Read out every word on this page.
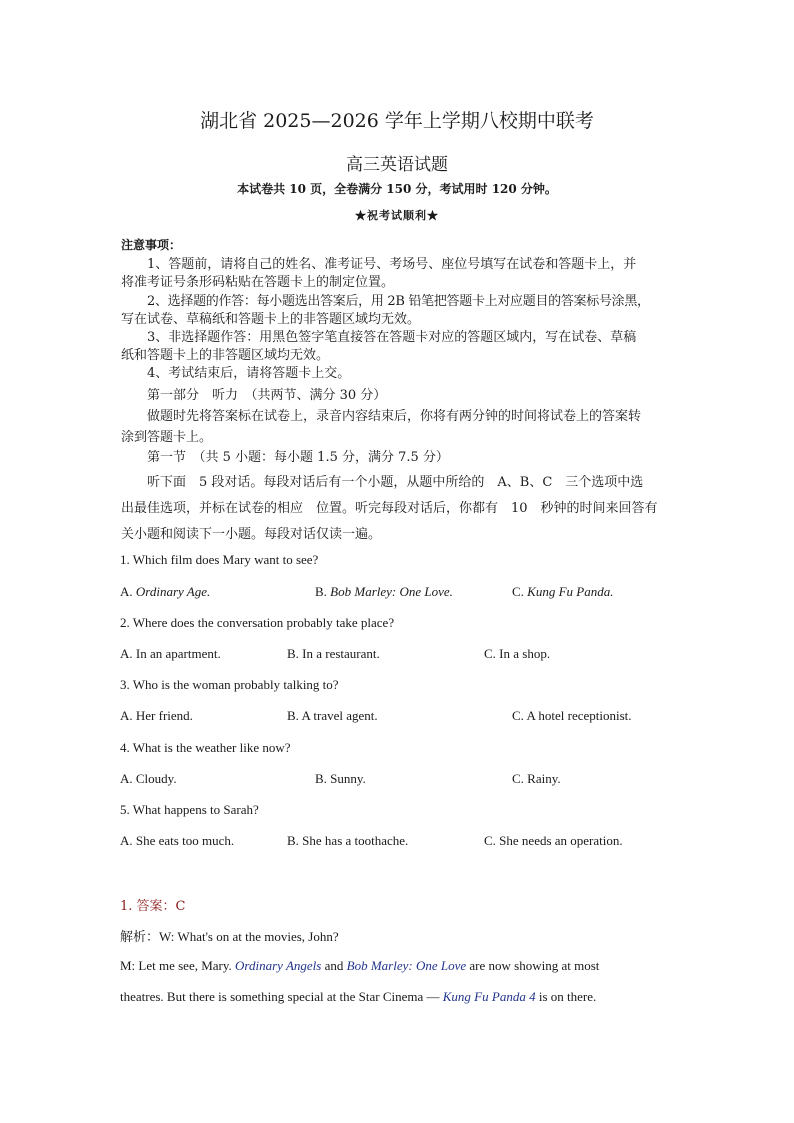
湖北省 2025—2026 学年上学期八校期中联考
高三英语试题
本试卷共 10 页，全卷满分 150 分，考试用时 120 分钟。
★祝考试顺利★
注意事项：
1、答题前，请将自己的姓名、准考证号、考场号、座位号填写在试卷和答题卡上，并
将准考证号条形码粘贴在答题卡上的制定位置。
2、选择题的作答：每小题选出答案后，用 2B 铅笔把答题卡上对应题目的答案标号涂黑，
写在试卷、草稿纸和答题卡上的非答题区域均无效。
3、非选择题作答：用黑色签字笔直接答在答题卡对应的答题区域内，写在试卷、草稿
纸和答题卡上的非答题区域均无效。
4、考试结束后，请将答题卡上交。
第一部分　听力　（共两节、满分 30 分）
做题时先将答案标在试卷上，录音内容结束后，你将有两分钟的时间将试卷上的答案转
涂到答题卡上。
第一节　（共 5 小题：每小题 1.5 分，满分 7.5 分）
听下面　5 段对话。每段对话后有一个小题，从题中所给的　A、B、C　三个选项中选
出最佳选项，并标在试卷的相应　位置。听完每段对话后，你都有　10　秒钟的时间来回答有
关小题和阅读下一小题。每段对话仅读一遍。
1. Which film does Mary want to see?
A. Ordinary Age.	B. Bob Marley: One Love.	C. Kung Fu Panda.
2. Where does the conversation probably take place?
A. In an apartment.	B. In a restaurant.	C. In a shop.
3. Who is the woman probably talking to?
A. Her friend.	B. A travel agent.	C. A hotel receptionist.
4. What is the weather like now?
A. Cloudy.	B. Sunny.	C. Rainy.
5. What happens to Sarah?
A. She eats too much.	B. She has a toothache.	C. She needs an operation.
1. 答案：C
解析：W: What's on at the movies, John?
M: Let me see, Mary. Ordinary Angels and Bob Marley: One Love are now showing at most
theatres. But there is something special at the Star Cinema — Kung Fu Panda 4 is on there.
